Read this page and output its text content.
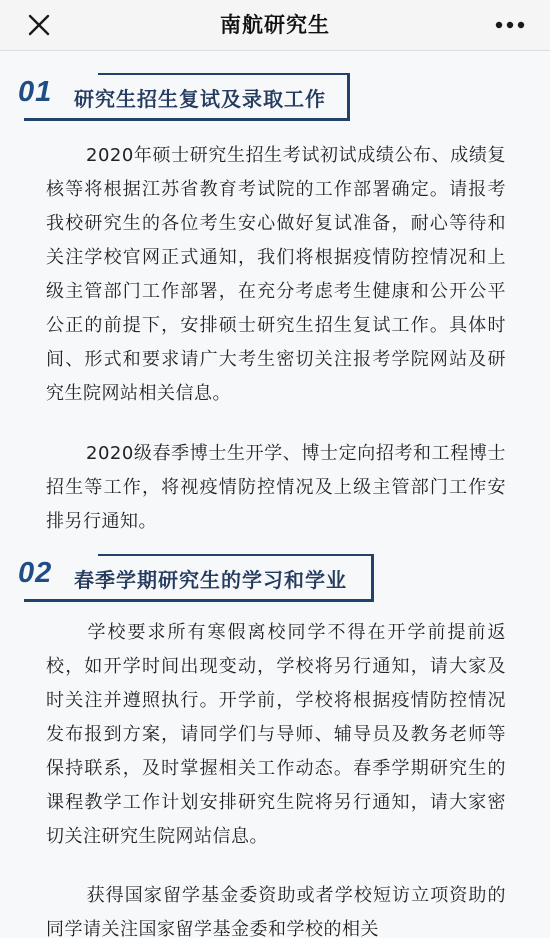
南航研究生
01 研究生招生复试及录取工作

2020年硕士研究生招生考试初试成绩公布、成绩复核等将根据江苏省教育考试院的工作部署确定。请报考我校研究生的各位考生安心做好复试准备，耐心等待和关注学校官网正式通知，我们将根据疫情防控情况和上级主管部门工作部署，在充分考虑考生健康和公开公平公正的前提下，安排硕士研究生招生复试工作。具体时间、形式和要求请广大考生密切关注报考学院网站及研究生院网站相关信息。

2020级春季博士生开学、博士定向招考和工程博士招生等工作，将视疫情防控情况及上级主管部门工作安排另行通知。

02 春季学期研究生的学习和学业

学校要求所有寒假离校同学不得在开学前提前返校，如开学时间出现变动，学校将另行通知，请大家及时关注并遵照执行。开学前，学校将根据疫情防控情况发布报到方案，请同学们与导师、辅导员及教务老师等保持联系，及时掌握相关工作动态。春季学期研究生的课程教学工作计划安排研究生院将另行通知，请大家密切关注研究生院网站信息。

获得国家留学基金委资助或者学校短访立项资助的同学请关注国家留学基金委和学校的相关
